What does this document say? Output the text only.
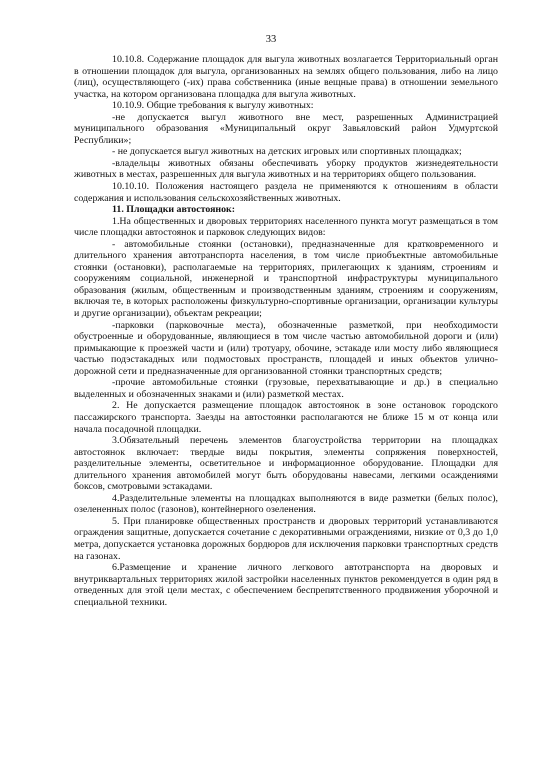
33

10.10.8. Содержание площадок для выгула животных возлагается Территориальный орган в отношении площадок для выгула, организованных на землях общего пользования, либо на лицо (лиц), осуществляющего (-их) права собственника (иные вещные права) в отношении земельного участка, на котором организована площадка для выгула животных.

10.10.9. Общие требования к выгулу животных:

-не допускается выгул животного вне мест, разрешенных Администрацией муниципального образования «Муниципальный округ Завьяловский район Удмуртской Республики»;

- не допускается выгул животных на детских игровых или спортивных площадках;

-владельцы животных обязаны обеспечивать уборку продуктов жизнедеятельности животных в местах, разрешенных для выгула животных и на территориях общего пользования.

10.10.10. Положения настоящего раздела не применяются к отношениям в области содержания и использования сельскохозяйственных животных.

11. Площадки автостоянок:

1.На общественных и дворовых территориях населенного пункта могут размещаться в том числе площадки автостоянок и парковок следующих видов:

- автомобильные стоянки (остановки), предназначенные для кратковременного и длительного хранения автотранспорта населения, в том числе приобъектные автомобильные стоянки (остановки), располагаемые на территориях, прилегающих к зданиям, строениям и сооружениям социальной, инженерной и транспортной инфраструктуры муниципального образования (жилым, общественным и производственным зданиям, строениям и сооружениям, включая те, в которых расположены физкультурно-спортивные организации, организации культуры и другие организации), объектам рекреации;

-парковки (парковочные места), обозначенные разметкой, при необходимости обустроенные и оборудованные, являющиеся в том числе частью автомобильной дороги и (или) примыкающие к проезжей части и (или) тротуару, обочине, эстакаде или мосту либо являющиеся частью подэстакадных или подмостовых пространств, площадей и иных объектов улично-дорожной сети и предназначенные для организованной стоянки транспортных средств;

-прочие автомобильные стоянки (грузовые, перехватывающие и др.) в специально выделенных и обозначенных знаками и (или) разметкой местах.

2. Не допускается размещение площадок автостоянок в зоне остановок городского пассажирского транспорта. Заезды на автостоянки располагаются не ближе 15 м от конца или начала посадочной площадки.

3.Обязательный перечень элементов благоустройства территории на площадках автостоянок включает: твердые виды покрытия, элементы сопряжения поверхностей, разделительные элементы, осветительное и информационное оборудование. Площадки для длительного хранения автомобилей могут быть оборудованы навесами, легкими осаждениями боксов, смотровыми эстакадами.

4.Разделительные элементы на площадках выполняются в виде разметки (белых полос), озелененных полос (газонов), контейнерного озеленения.

5. При планировке общественных пространств и дворовых территорий устанавливаются ограждения защитные, допускается сочетание с декоративными ограждениями, низкие от 0,3 до 1,0 метра, допускается установка дорожных бордюров для исключения парковки транспортных средств на газонах.

6.Размещение и хранение личного легкового автотранспорта на дворовых и внутриквартальных территориях жилой застройки населенных пунктов рекомендуется в один ряд в отведенных для этой цели местах, с обеспечением беспрепятственного продвижения уборочной и специальной техники.
